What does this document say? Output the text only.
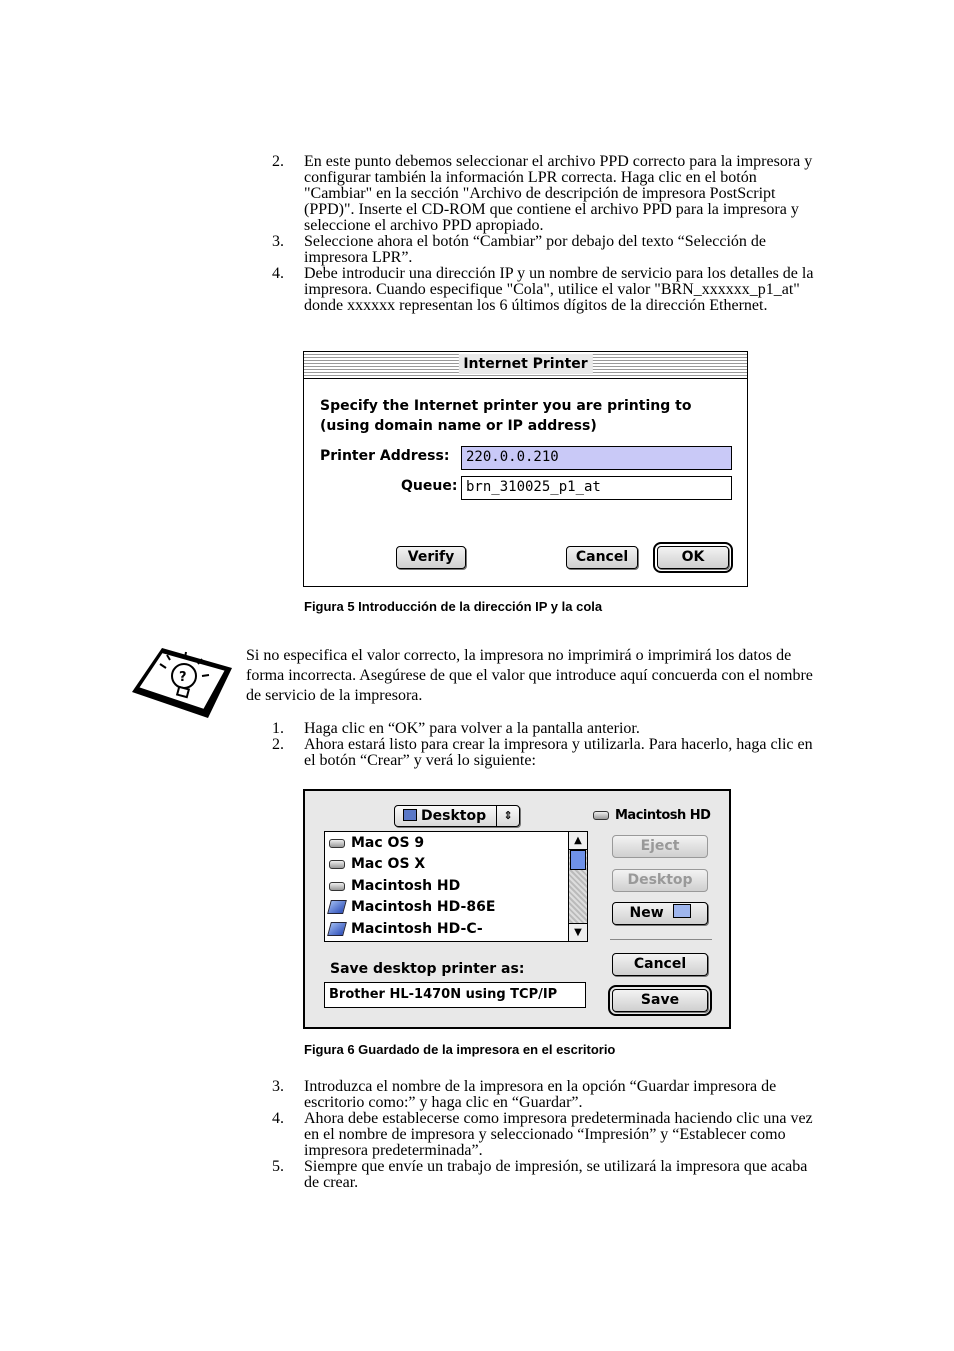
2.	En este punto debemos seleccionar el archivo PPD correcto para la impresora y configurar también la información LPR correcta. Haga clic en el botón "Cambiar" en la sección "Archivo de descripción de impresora PostScript (PPD)". Inserte el CD-ROM que contiene el archivo PPD para la impresora y seleccione el archivo PPD apropiado.
3.	Seleccione ahora el botón “Cambiar” por debajo del texto “Selección de impresora LPR”.
4.	Debe introducir una dirección IP y un nombre de servicio para los detalles de la impresora. Cuando especifique "Cola", utilice el valor "BRN_xxxxxx_p1_at" donde xxxxxx representan los 6 últimos dígitos de la dirección Ethernet.
Internet Printer
Specify the Internet printer you are printing to
(using domain name or IP address)
Printer Address:	220.0.0.210
Queue: brn_310025_p1_at
Verify	Cancel	OK
Figura 5 Introducción de la dirección IP y la cola
?
Si no especifica el valor correcto, la impresora no imprimirá o imprimirá los datos de forma incorrecta. Asegúrese de que el valor que introduce aquí concuerda con el nombre de servicio de la impresora.
1.	Haga clic en “OK” para volver a la pantalla anterior.
2.	Ahora estará listo para crear la impresora y utilizarla. Para hacerlo, haga clic en el botón “Crear” y verá lo siguiente:
Desktop	⇕	Macintosh HD
Mac OS 9
Mac OS X
Macintosh HD
Macintosh HD-86E
Macintosh HD-C-
▲
▼
Eject
Desktop
New
Save desktop printer as:
Brother HL-1470N using TCP/IP
Cancel
Save
Figura 6 Guardado de la impresora en el escritorio
3.	Introduzca el nombre de la impresora en la opción “Guardar impresora de escritorio como:” y haga clic en “Guardar”.
4.	Ahora debe establecerse como impresora predeterminada haciendo clic una vez en el nombre de impresora y seleccionado “Impresión” y “Establecer como impresora predeterminada”.
5.	Siempre que envíe un trabajo de impresión, se utilizará la impresora que acaba de crear.
